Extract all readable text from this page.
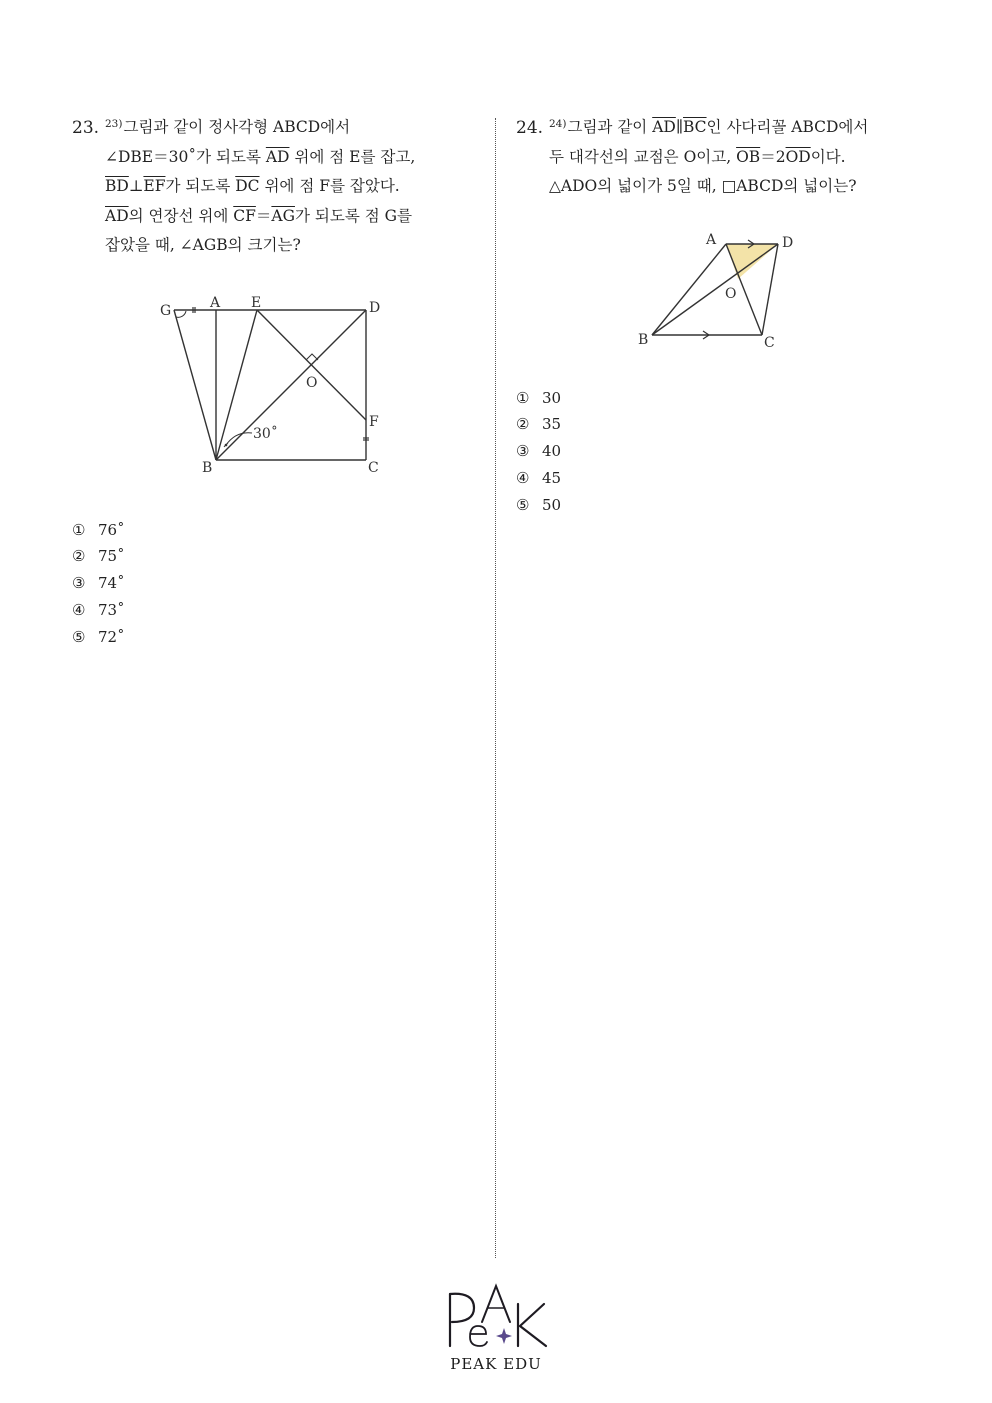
23. $^{23)}$그림과 같이 정사각형 ABCD에서
∠DBE＝30˚가 되도록 $\overline{AD}$ 위에 점 E를 잡고,
$\overline{BD}\perp\overline{EF}$가 되도록 $\overline{DC}$ 위에 점 F를 잡았다.
$\overline{AD}$의 연장선 위에 $\overline{CF}=\overline{AG}$가 되도록 점 G를
잡았을 때, ∠AGB의 크기는?
G	A E	D
O
F
B	C
30˚
① 76˚
② 75˚
③ 74˚
④ 73˚
⑤ 72˚
24. $^{24)}$그림과 같이 $\overline{AD}\parallel\overline{BC}$인 사다리꼴 ABCD에서
두 대각선의 교점은 O이고, $\overline{OB}=2\overline{OD}$이다.
△ADO의 넓이가 5일 때, □ABCD의 넓이는?
A	D
O
B	C
① 30
② 35
③ 40
④ 45
⑤ 50
PeAK
PEAK EDU
